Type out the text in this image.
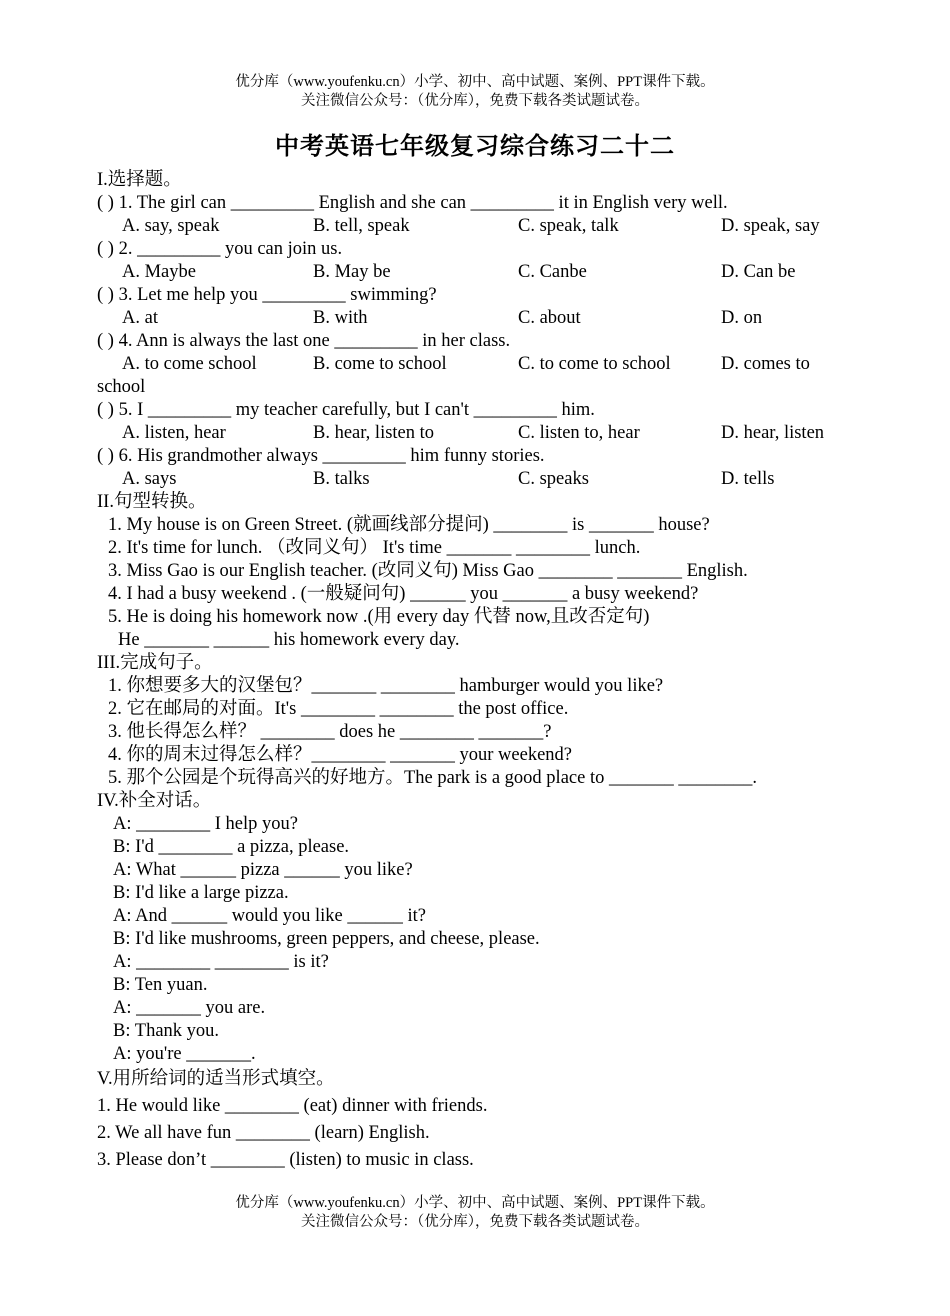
优分库（www.youfenku.cn）小学、初中、高中试题、案例、PPT课件下载。
关注微信公众号：（优分库），免费下载各类试题试卷。
中考英语七年级复习综合练习二十二
I.选择题。
( ) 1. The girl can _________ English and she can _________ it in English very well.
A. say, speak	B. tell, speak	C. speak, talk	D. speak, say
( ) 2. _________ you can join us.
A. Maybe	B. May be	C. Canbe	D. Can be
( ) 3. Let me help you _________ swimming?
A. at	B. with	C. about	D. on
( ) 4. Ann is always the last one _________ in her class.
A. to come school	B. come to school	C. to come to school	D. comes to
school
( ) 5. I _________ my teacher carefully, but I can't _________ him.
A. listen, hear	B. hear, listen to	C. listen to, hear	D. hear, listen
( ) 6. His grandmother always _________ him funny stories.
A. says	B. talks	C. speaks	D. tells
II.句型转换。
1. My house is on Green Street. (就画线部分提问) ________ is _______ house?
2. It's time for lunch. （改同义句） It's time _______ ________ lunch.
3. Miss Gao is our English teacher. (改同义句) Miss Gao ________ _______ English.
4. I had a busy weekend . (一般疑问句) ______ you _______ a busy weekend?
5. He is doing his homework now .(用 every day 代替 now,且改否定句)
He _______ ______ his homework every day.
III.完成句子。
1. 你想要多大的汉堡包？_______ ________ hamburger would you like?
2. 它在邮局的对面。It's ________ ________ the post office.
3. 他长得怎么样？ ________ does he ________ _______?
4. 你的周末过得怎么样？________ _______ your weekend?
5. 那个公园是个玩得高兴的好地方。The park is a good place to _______ ________.
IV.补全对话。
A: ________ I help you?
B: I'd ________ a pizza, please.
A: What ______ pizza ______ you like?
B: I'd like a large pizza.
A: And ______ would you like ______ it?
B: I'd like mushrooms, green peppers, and cheese, please.
A: ________ ________ is it?
B: Ten yuan.
A: _______ you are.
B: Thank you.
A: you're _______.
V.用所给词的适当形式填空。
1. He would like ________ (eat) dinner with friends.
2. We all have fun ________ (learn) English.
3. Please don’t ________ (listen) to music in class.
优分库（www.youfenku.cn）小学、初中、高中试题、案例、PPT课件下载。
关注微信公众号：（优分库），免费下载各类试题试卷。
